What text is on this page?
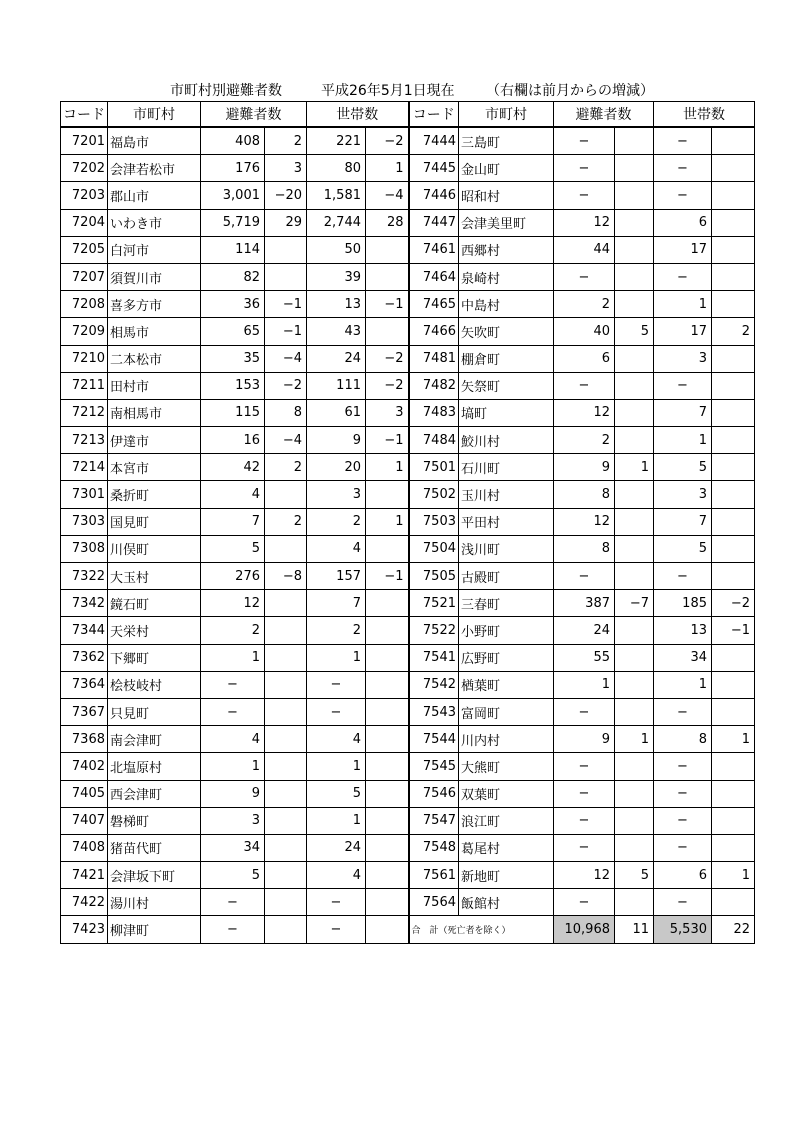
市町村別避難者数	平成26年5月1日現在 （右欄は前月からの増減）
コード	市町村	避難者数		世帯数		コード	市町村	避難者数		世帯数	
7201	福島市	408	2	221	−2	7444	三島町	−		−	
7202	会津若松市	176	3	80	1	7445	金山町	−		−	
7203	郡山市	3,001	−20	1,581	−4	7446	昭和村	−		−	
7204	いわき市	5,719	29	2,744	28	7447	会津美里町	12		6	
7205	白河市	114		50		7461	西郷村	44		17	
7207	須賀川市	82		39		7464	泉崎村	−		−	
7208	喜多方市	36	−1	13	−1	7465	中島村	2		1	
7209	相馬市	65	−1	43		7466	矢吹町	40	5	17	2
7210	二本松市	35	−4	24	−2	7481	棚倉町	6		3	
7211	田村市	153	−2	111	−2	7482	矢祭町	−		−	
7212	南相馬市	115	8	61	3	7483	塙町	12		7	
7213	伊達市	16	−4	9	−1	7484	鮫川村	2		1	
7214	本宮市	42	2	20	1	7501	石川町	9	1	5	
7301	桑折町	4		3		7502	玉川村	8		3	
7303	国見町	7	2	2	1	7503	平田村	12		7	
7308	川俣町	5		4		7504	浅川町	8		5	
7322	大玉村	276	−8	157	−1	7505	古殿町	−		−	
7342	鏡石町	12		7		7521	三春町	387	−7	185	−2
7344	天栄村	2		2		7522	小野町	24		13	−1
7362	下郷町	1		1		7541	広野町	55		34	
7364	桧枝岐村	−		−		7542	楢葉町	1		1	
7367	只見町	−		−		7543	富岡町	−		−	
7368	南会津町	4		4		7544	川内村	9	1	8	1
7402	北塩原村	1		1		7545	大熊町	−		−	
7405	西会津町	9		5		7546	双葉町	−		−	
7407	磐梯町	3		1		7547	浪江町	−		−	
7408	猪苗代町	34		24		7548	葛尾村	−		−	
7421	会津坂下町	5		4		7561	新地町	12	5	6	1
7422	湯川村	−		−		7564	飯館村	−		−	
7423	柳津町	−		−		合　計（死亡者を除く）		10,968	11	5,530	22
